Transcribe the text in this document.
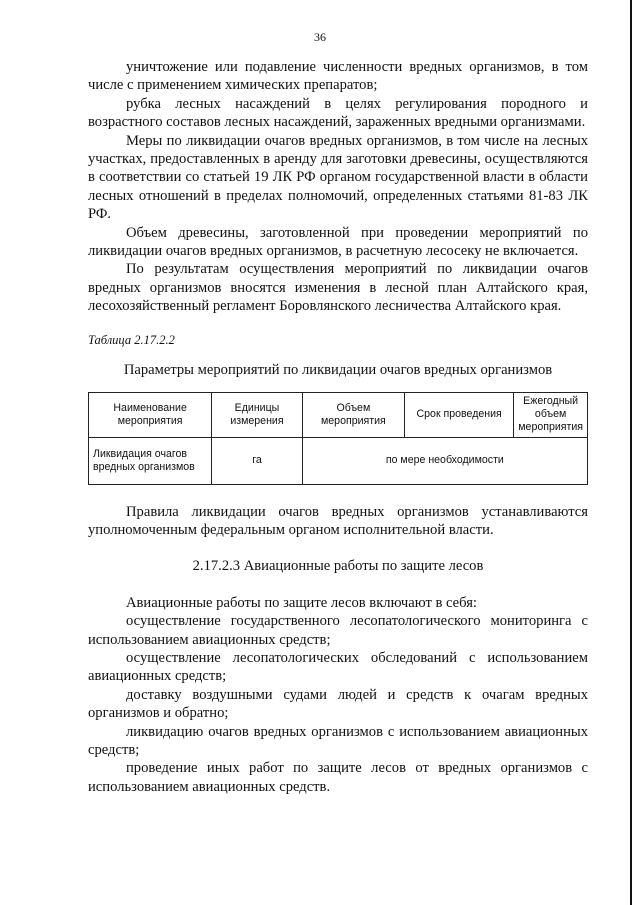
36

уничтожение или подавление численности вредных организмов, в том числе с применением химических препаратов;

рубка лесных насаждений в целях регулирования породного и возрастного составов лесных насаждений, зараженных вредными организмами.

Меры по ликвидации очагов вредных организмов, в том числе на лесных участках, предоставленных в аренду для заготовки древесины, осуществляются в соответствии со статьей 19 ЛК РФ органом государственной власти в области лесных отношений в пределах полномочий, определенных статьями 81-83 ЛК РФ.

Объем древесины, заготовленной при проведении мероприятий по ликвидации очагов вредных организмов, в расчетную лесосеку не включается.

По результатам осуществления мероприятий по ликвидации очагов вредных организмов вносятся изменения в лесной план Алтайского края, лесохозяйственный регламент Боровлянского лесничества Алтайского края.

Таблица 2.17.2.2

Параметры мероприятий по ликвидации очагов вредных организмов

Наименование мероприятия	Единицы измерения	Объем мероприятия	Срок проведения	Ежегодный объем мероприятия
Ликвидация очагов вредных организмов	га	по мере необходимости		

Правила ликвидации очагов вредных организмов устанавливаются уполномоченным федеральным органом исполнительной власти.

2.17.2.3 Авиационные работы по защите лесов

Авиационные работы по защите лесов включают в себя:

осуществление государственного лесопатологического мониторинга с использованием авиационных средств;

осуществление лесопатологических обследований с использованием авиационных средств;

доставку воздушными судами людей и средств к очагам вредных организмов и обратно;

ликвидацию очагов вредных организмов с использованием авиационных средств;

проведение иных работ по защите лесов от вредных организмов с использованием авиационных средств.
